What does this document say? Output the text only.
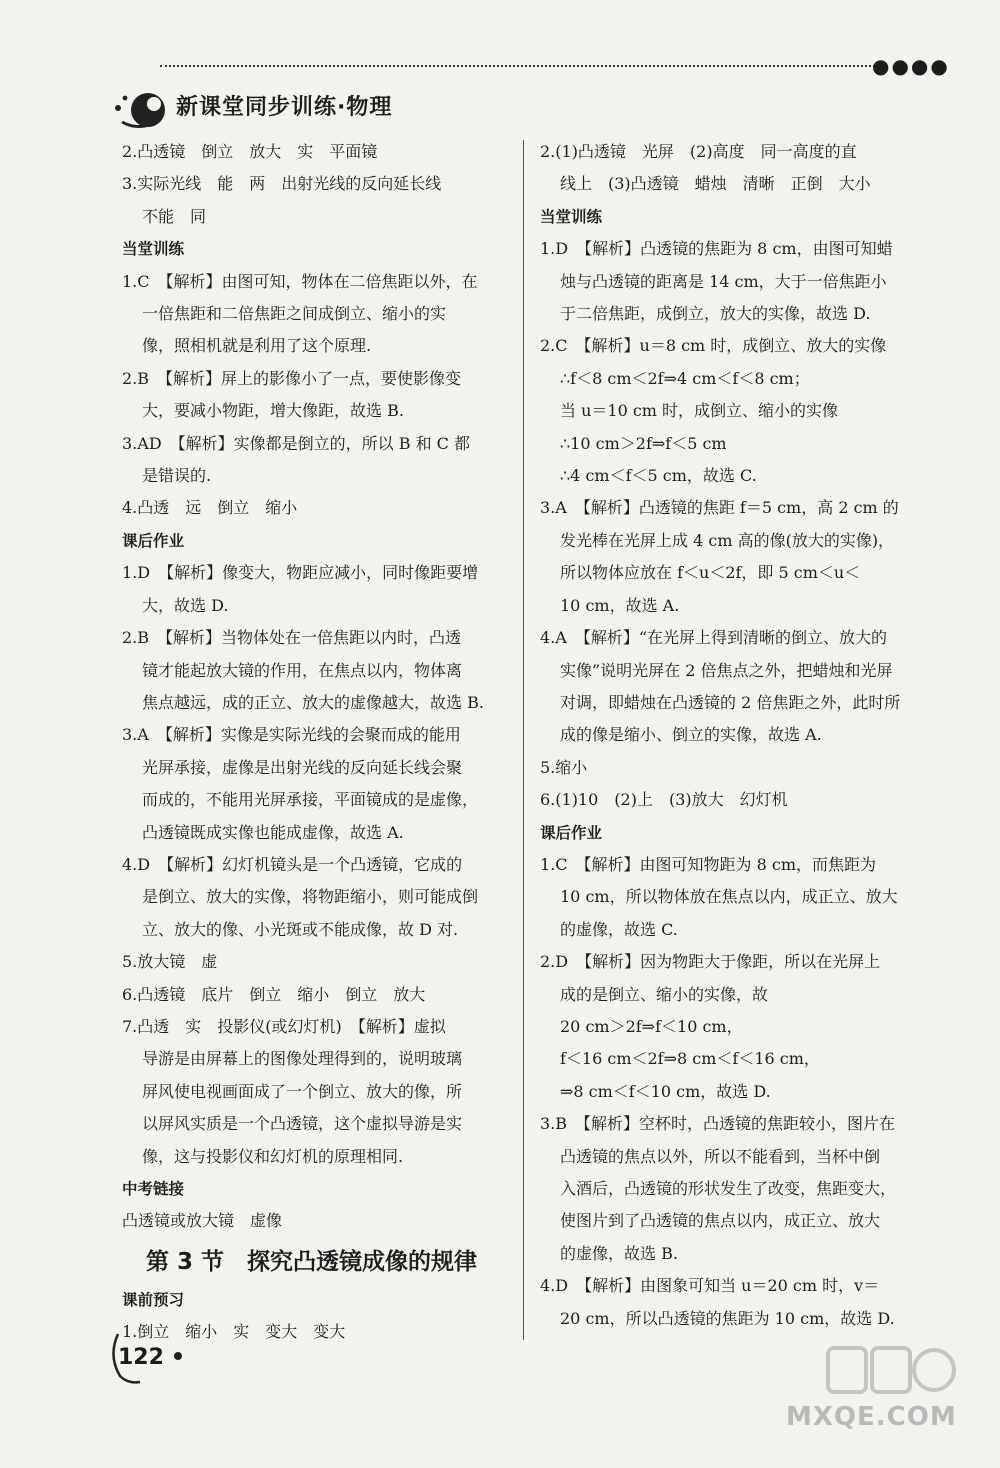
新课堂同步训练·物理
●●●●
2.凸透镜　倒立　放大　实　平面镜
3.实际光线　能　两　出射光线的反向延长线
不能　同
当堂训练
1.C　【解析】由图可知，物体在二倍焦距以外，在
一倍焦距和二倍焦距之间成倒立、缩小的实
像，照相机就是利用了这个原理.
2.B　【解析】屏上的影像小了一点，要使影像变
大，要减小物距，增大像距，故选 B.
3.AD　【解析】实像都是倒立的，所以 B 和 C 都
是错误的.
4.凸透　远　倒立　缩小
课后作业
1.D　【解析】像变大，物距应减小，同时像距要增
大，故选 D.
2.B　【解析】当物体处在一倍焦距以内时，凸透
镜才能起放大镜的作用，在焦点以内，物体离
焦点越远，成的正立、放大的虚像越大，故选 B.
3.A　【解析】实像是实际光线的会聚而成的能用
光屏承接，虚像是出射光线的反向延长线会聚
而成的，不能用光屏承接，平面镜成的是虚像，
凸透镜既成实像也能成虚像，故选 A.
4.D　【解析】幻灯机镜头是一个凸透镜，它成的
是倒立、放大的实像，将物距缩小，则可能成倒
立、放大的像、小光斑或不能成像，故 D 对.
5.放大镜　虚
6.凸透镜　底片　倒立　缩小　倒立　放大
7.凸透　实　投影仪(或幻灯机)　【解析】虚拟
导游是由屏幕上的图像处理得到的，说明玻璃
屏风使电视画面成了一个倒立、放大的像，所
以屏风实质是一个凸透镜，这个虚拟导游是实
像，这与投影仪和幻灯机的原理相同.
中考链接
凸透镜或放大镜　虚像
第 3 节　探究凸透镜成像的规律
课前预习
1.倒立　缩小　实　变大　变大
2.(1)凸透镜　光屏　(2)高度　同一高度的直
线上　(3)凸透镜　蜡烛　清晰　正倒　大小
当堂训练
1.D　【解析】凸透镜的焦距为 8 cm，由图可知蜡
烛与凸透镜的距离是 14 cm，大于一倍焦距小
于二倍焦距，成倒立，放大的实像，故选 D.
2.C　【解析】u＝8 cm 时，成倒立、放大的实像
∴f＜8 cm＜2f⇒4 cm＜f＜8 cm；
当 u＝10 cm 时，成倒立、缩小的实像
∴10 cm＞2f⇒f＜5 cm
∴4 cm＜f＜5 cm，故选 C.
3.A　【解析】凸透镜的焦距 f＝5 cm，高 2 cm 的
发光棒在光屏上成 4 cm 高的像(放大的实像)，
所以物体应放在 f＜u＜2f，即 5 cm＜u＜
10 cm，故选 A.
4.A　【解析】“在光屏上得到清晰的倒立、放大的
实像”说明光屏在 2 倍焦点之外，把蜡烛和光屏
对调，即蜡烛在凸透镜的 2 倍焦距之外，此时所
成的像是缩小、倒立的实像，故选 A.
5.缩小
6.(1)10　(2)上　(3)放大　幻灯机
课后作业
1.C　【解析】由图可知物距为 8 cm，而焦距为
10 cm，所以物体放在焦点以内，成正立、放大
的虚像，故选 C.
2.D　【解析】因为物距大于像距，所以在光屏上
成的是倒立、缩小的实像，故
20 cm＞2f⇒f＜10 cm，
f＜16 cm＜2f⇒8 cm＜f＜16 cm，
⇒8 cm＜f＜10 cm，故选 D.
3.B　【解析】空杯时，凸透镜的焦距较小，图片在
凸透镜的焦点以外，所以不能看到，当杯中倒
入酒后，凸透镜的形状发生了改变，焦距变大，
使图片到了凸透镜的焦点以内，成正立、放大
的虚像，故选 B.
4.D　【解析】由图象可知当 u＝20 cm 时，v＝
20 cm，所以凸透镜的焦距为 10 cm，故选 D.
122
MXQE.COM
